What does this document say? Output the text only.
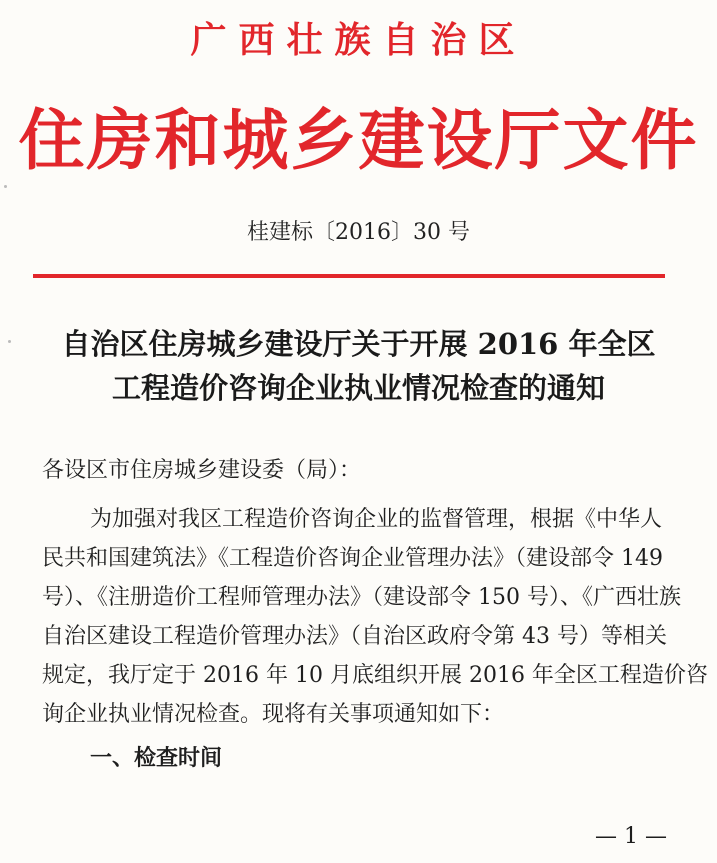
广西壮族自治区
住房和城乡建设厅文件
桂建标〔2016〕30 号
自治区住房城乡建设厅关于开展 2016 年全区
工程造价咨询企业执业情况检查的通知
各设区市住房城乡建设委（局）：
为加强对我区工程造价咨询企业的监督管理，根据《中华人
民共和国建筑法》《工程造价咨询企业管理办法》（建设部令 149
号）、《注册造价工程师管理办法》（建设部令 150 号）、《广西壮族
自治区建设工程造价管理办法》（自治区政府令第 43 号）等相关
规定，我厅定于 2016 年 10 月底组织开展 2016 年全区工程造价咨
询企业执业情况检查。现将有关事项通知如下：
一、检查时间
— 1 —
